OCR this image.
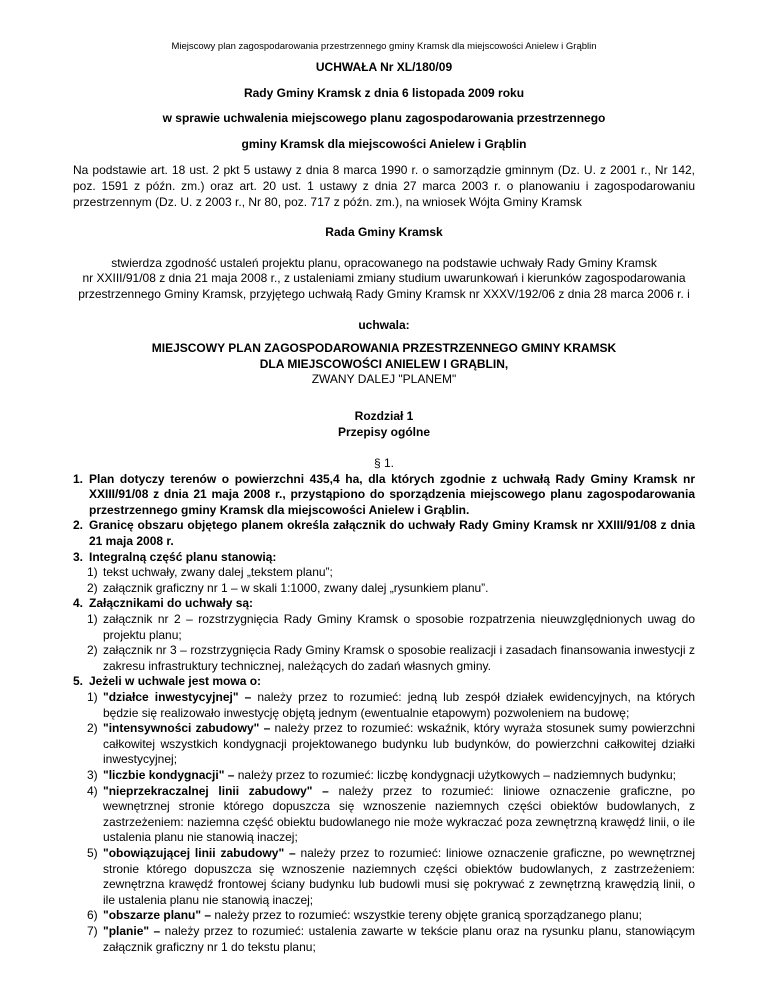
Miejscowy plan zagospodarowania przestrzennego gminy Kramsk dla miejscowości Anielew i Grąblin

UCHWAŁA Nr XL/180/09

Rady Gminy Kramsk z dnia 6 listopada 2009 roku

w sprawie uchwalenia miejscowego planu zagospodarowania przestrzennego

gminy Kramsk dla miejscowości Anielew i Grąblin

Na podstawie art. 18 ust. 2 pkt 5 ustawy z dnia 8 marca 1990 r. o samorządzie gminnym (Dz. U. z 2001 r., Nr 142, poz. 1591 z późn. zm.) oraz art. 20 ust. 1 ustawy z dnia 27 marca 2003 r. o planowaniu i zagospodarowaniu przestrzennym (Dz. U. z 2003 r., Nr 80, poz. 717 z późn. zm.), na wniosek Wójta Gminy Kramsk

Rada Gminy Kramsk

stwierdza zgodność ustaleń projektu planu, opracowanego na podstawie uchwały Rady Gminy Kramsk

nr XXIII/91/08 z dnia 21 maja 2008 r., z ustaleniami zmiany studium uwarunkowań i kierunków zagospodarowania

przestrzennego Gminy Kramsk, przyjętego uchwałą Rady Gminy Kramsk nr XXXV/192/06 z dnia 28 marca 2006 r. i

uchwala:

MIEJSCOWY PLAN ZAGOSPODAROWANIA PRZESTRZENNEGO GMINY KRAMSK

DLA MIEJSCOWOŚCI ANIELEW I GRĄBLIN,

ZWANY DALEJ "PLANEM"

Rozdział 1

Przepisy ogólne

§ 1.

1. Plan dotyczy terenów o powierzchni 435,4 ha, dla których zgodnie z uchwałą Rady Gminy Kramsk nr XXIII/91/08 z dnia 21 maja 2008 r., przystąpiono do sporządzenia miejscowego planu zagospodarowania przestrzennego gminy Kramsk dla miejscowości Anielew i Grąblin.
2. Granicę obszaru objętego planem określa załącznik do uchwały Rady Gminy Kramsk nr XXIII/91/08 z dnia 21 maja 2008 r.
3. Integralną część planu stanowią:
1) tekst uchwały, zwany dalej „tekstem planu”;
2) załącznik graficzny nr 1 – w skali 1:1000, zwany dalej „rysunkiem planu”.
4. Załącznikami do uchwały są:
1) załącznik nr 2 – rozstrzygnięcia Rady Gminy Kramsk o sposobie rozpatrzenia nieuwzględnionych uwag do projektu planu;
2) załącznik nr 3 – rozstrzygnięcia Rady Gminy Kramsk o sposobie realizacji i zasadach finansowania inwestycji z zakresu infrastruktury technicznej, należących do zadań własnych gminy.
5. Jeżeli w uchwale jest mowa o:
1) "działce inwestycyjnej" – należy przez to rozumieć: jedną lub zespół działek ewidencyjnych, na których będzie się realizowało inwestycję objętą jednym (ewentualnie etapowym) pozwoleniem na budowę;
2) "intensywności zabudowy" – należy przez to rozumieć: wskaźnik, który wyraża stosunek sumy powierzchni całkowitej wszystkich kondygnacji projektowanego budynku lub budynków, do powierzchni całkowitej działki inwestycyjnej;
3) "liczbie kondygnacji" – należy przez to rozumieć: liczbę kondygnacji użytkowych – nadziemnych budynku;
4) "nieprzekraczalnej linii zabudowy" – należy przez to rozumieć: liniowe oznaczenie graficzne, po wewnętrznej stronie którego dopuszcza się wznoszenie naziemnych części obiektów budowlanych, z zastrzeżeniem: naziemna część obiektu budowlanego nie może wykraczać poza zewnętrzną krawędź linii, o ile ustalenia planu nie stanowią inaczej;
5) "obowiązującej linii zabudowy" – należy przez to rozumieć: liniowe oznaczenie graficzne, po wewnętrznej stronie którego dopuszcza się wznoszenie naziemnych części obiektów budowlanych, z zastrzeżeniem: zewnętrzna krawędź frontowej ściany budynku lub budowli musi się pokrywać z zewnętrzną krawędzią linii, o ile ustalenia planu nie stanowią inaczej;
6) "obszarze planu" – należy przez to rozumieć: wszystkie tereny objęte granicą sporządzanego planu;
7) "planie" – należy przez to rozumieć: ustalenia zawarte w tekście planu oraz na rysunku planu, stanowiącym załącznik graficzny nr 1 do tekstu planu;
